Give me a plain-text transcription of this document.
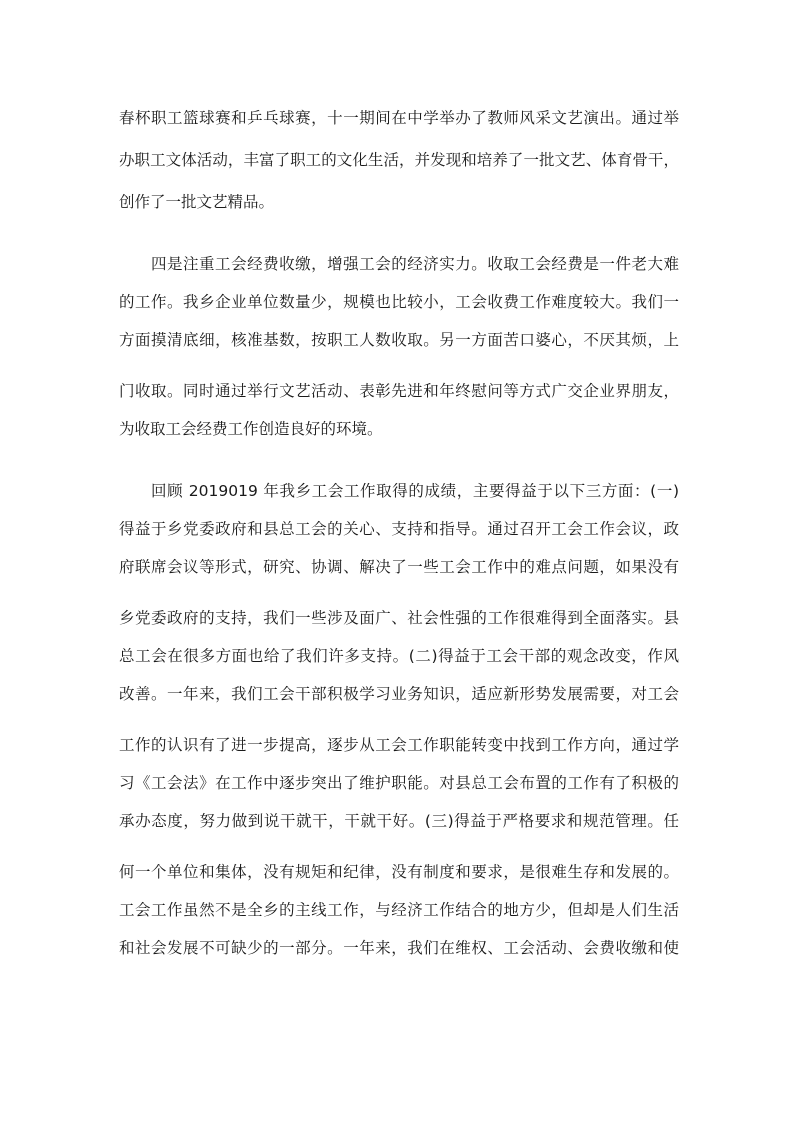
春杯职工篮球赛和乒乓球赛，十一期间在中学举办了教师风采文艺演出。通过举
办职工文体活动，丰富了职工的文化生活，并发现和培养了一批文艺、体育骨干，
创作了一批文艺精品。
四是注重工会经费收缴，增强工会的经济实力。收取工会经费是一件老大难
的工作。我乡企业单位数量少，规模也比较小，工会收费工作难度较大。我们一
方面摸清底细，核准基数，按职工人数收取。另一方面苦口婆心，不厌其烦，上
门收取。同时通过举行文艺活动、表彰先进和年终慰问等方式广交企业界朋友，
为收取工会经费工作创造良好的环境。
回顾 2019019 年我乡工会工作取得的成绩，主要得益于以下三方面：(一)
得益于乡党委政府和县总工会的关心、支持和指导。通过召开工会工作会议，政
府联席会议等形式，研究、协调、解决了一些工会工作中的难点问题，如果没有
乡党委政府的支持，我们一些涉及面广、社会性强的工作很难得到全面落实。县
总工会在很多方面也给了我们许多支持。(二)得益于工会干部的观念改变，作风
改善。一年来，我们工会干部积极学习业务知识，适应新形势发展需要，对工会
工作的认识有了进一步提高，逐步从工会工作职能转变中找到工作方向，通过学
习《工会法》在工作中逐步突出了维护职能。对县总工会布置的工作有了积极的
承办态度，努力做到说干就干，干就干好。(三)得益于严格要求和规范管理。任
何一个单位和集体，没有规矩和纪律，没有制度和要求，是很难生存和发展的。
工会工作虽然不是全乡的主线工作，与经济工作结合的地方少，但却是人们生活
和社会发展不可缺少的一部分。一年来，我们在维权、工会活动、会费收缴和使
